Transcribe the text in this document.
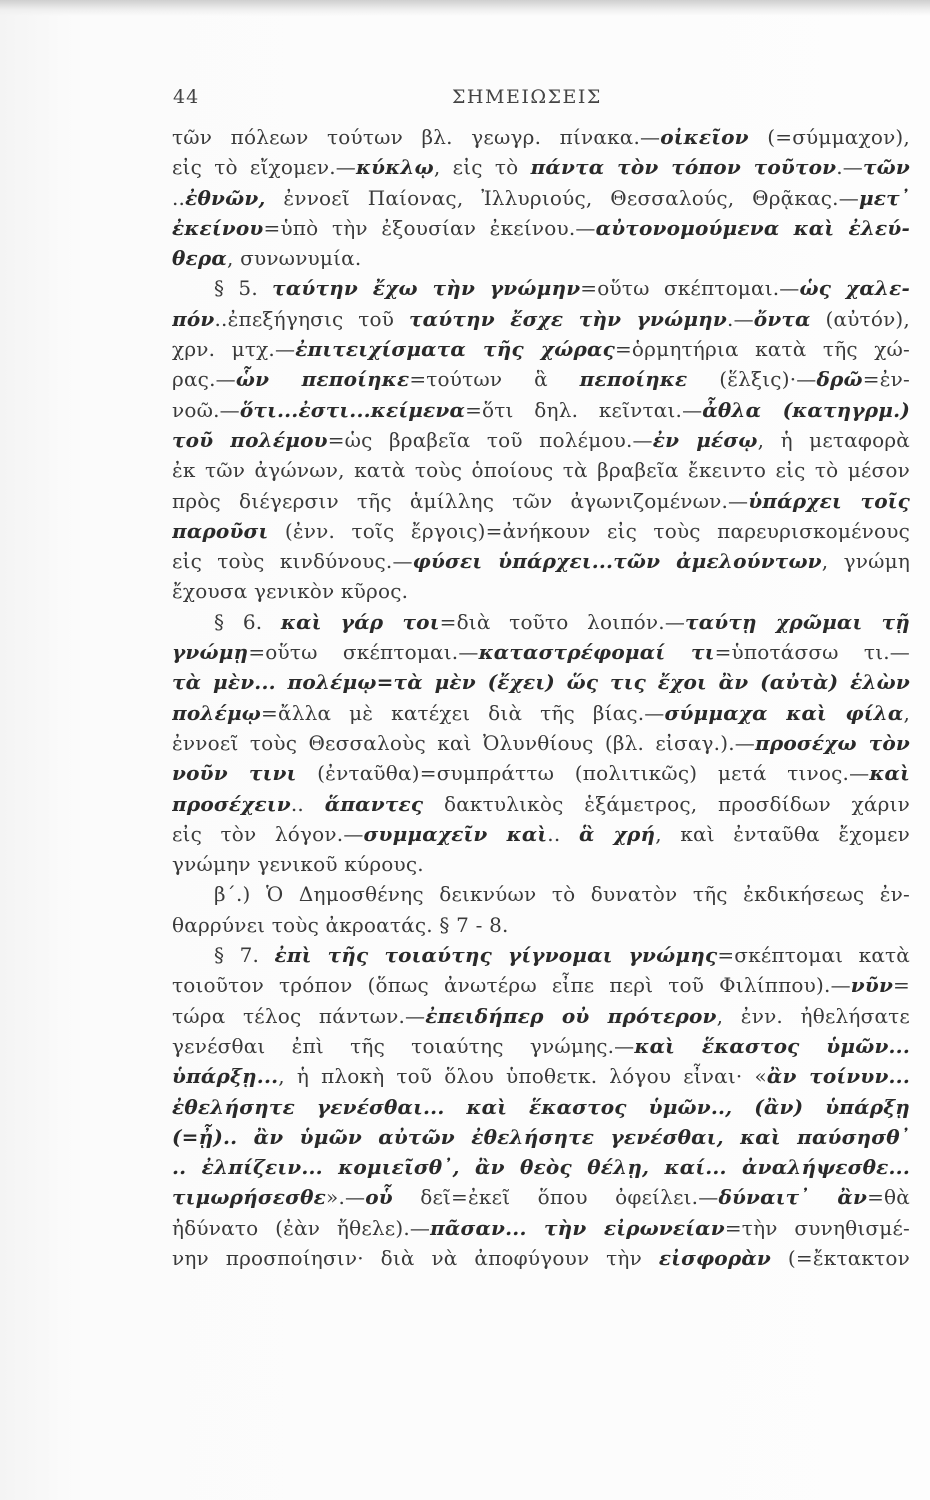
44	ΣΗΜΕΙΩΣΕΙΣ
τῶν πόλεων τούτων βλ. γεωγρ. πίνακα.—οἰκεῖον (=σύμμαχον),
εἰς τὸ εἴχομεν.—κύκλῳ, εἰς τὸ πάντα τὸν τόπον τοῦτον.—τῶν
..ἐθνῶν, ἐννοεῖ Παίονας, Ἰλλυριούς, Θεσσαλούς, Θρᾷκας.—μετ᾽
ἐκείνου=ὑπὸ τὴν ἐξουσίαν ἐκείνου.—αὐτονομούμενα καὶ ἐλεύ-
θερα, συνωνυμία.
§ 5. ταύτην ἔχω τὴν γνώμην=οὕτω σκέπτομαι.—ὡς χαλε-
πόν..ἐπεξήγησις τοῦ ταύτην ἔσχε τὴν γνώμην.—ὄντα (αὐτόν),
χρν. μτχ.—ἐπιτειχίσματα τῆς χώρας=ὁρμητήρια κατὰ τῆς χώ-
ρας.—ὧν πεποίηκε=τούτων ἃ πεποίηκε (ἕλξις)·—δρῶ=ἐν-
νοῶ.—ὅτι...ἐστι...κείμενα=ὅτι δηλ. κεῖνται.—ἆθλα (κατηγρμ.)
τοῦ πολέμου=ὡς βραβεῖα τοῦ πολέμου.—ἐν μέσῳ, ἡ μεταφορὰ
ἐκ τῶν ἀγώνων, κατὰ τοὺς ὁποίους τὰ βραβεῖα ἔκειντο εἰς τὸ μέσον
πρὸς διέγερσιν τῆς ἁμίλλης τῶν ἀγωνιζομένων.—ὑπάρχει τοῖς
παροῦσι (ἐνν. τοῖς ἔργοις)=ἀνήκουν εἰς τοὺς παρευρισκομένους
εἰς τοὺς κινδύνους.—φύσει ὑπάρχει...τῶν ἀμελούντων, γνώμη
ἔχουσα γενικὸν κῦρος.
§ 6. καὶ γάρ τοι=διὰ τοῦτο λοιπόν.—ταύτῃ χρῶμαι τῇ
γνώμῃ=οὕτω σκέπτομαι.—καταστρέφομαί τι=ὑποτάσσω τι.—
τὰ μὲν... πολέμῳ=τὰ μὲν (ἔχει) ὥς τις ἔχοι ἂν (αὐτὰ) ἑλὼν
πολέμῳ=ἄλλα μὲ κατέχει διὰ τῆς βίας.—σύμμαχα καὶ φίλα,
ἐννοεῖ τοὺς Θεσσαλοὺς καὶ Ὀλυνθίους (βλ. εἰσαγ.).—προσέχω τὸν
νοῦν τινι (ἐνταῦθα)=συμπράττω (πολιτικῶς) μετά τινος.—καὶ
προσέχειν.. ἅπαντες δακτυλικὸς ἑξάμετρος, προσδίδων χάριν
εἰς τὸν λόγον.—συμμαχεῖν καὶ.. ἃ χρή, καὶ ἐνταῦθα ἔχομεν
γνώμην γενικοῦ κύρους.
β΄.) Ὁ Δημοσθένης δεικνύων τὸ δυνατὸν τῆς ἐκδικήσεως ἐν-
θαρρύνει τοὺς ἀκροατάς. § 7 - 8.
§ 7. ἐπὶ τῆς τοιαύτης γίγνομαι γνώμης=σκέπτομαι κατὰ
τοιοῦτον τρόπον (ὅπως ἀνωτέρω εἶπε περὶ τοῦ Φιλίππου).—νῦν=
τώρα τέλος πάντων.—ἐπειδήπερ οὐ πρότερον, ἐνν. ἠθελήσατε
γενέσθαι ἐπὶ τῆς τοιαύτης γνώμης.—καὶ ἕκαστος ὑμῶν...
ὑπάρξῃ..., ἡ πλοκὴ τοῦ ὅλου ὑποθετκ. λόγου εἶναι· «ἂν τοίνυν...
ἐθελήσητε γενέσθαι... καὶ ἕκαστος ὑμῶν.., (ἂν) ὑπάρξῃ
(=ᾖ).. ἂν ὑμῶν αὐτῶν ἐθελήσητε γενέσθαι, καὶ παύσησθ᾽
.. ἐλπίζειν... κομιεῖσθ᾽, ἂν θεὸς θέλῃ, καί... ἀναλήψεσθε...
τιμωρήσεσθε».—οὗ δεῖ=ἐκεῖ ὅπου ὀφείλει.—δύναιτ᾽ ἂν=θὰ
ἠδύνατο (ἐὰν ἤθελε).—πᾶσαν... τὴν εἰρωνείαν=τὴν συνηθισμέ-
νην προσποίησιν· διὰ νὰ ἀποφύγουν τὴν εἰσφορὰν (=ἔκτακτον
